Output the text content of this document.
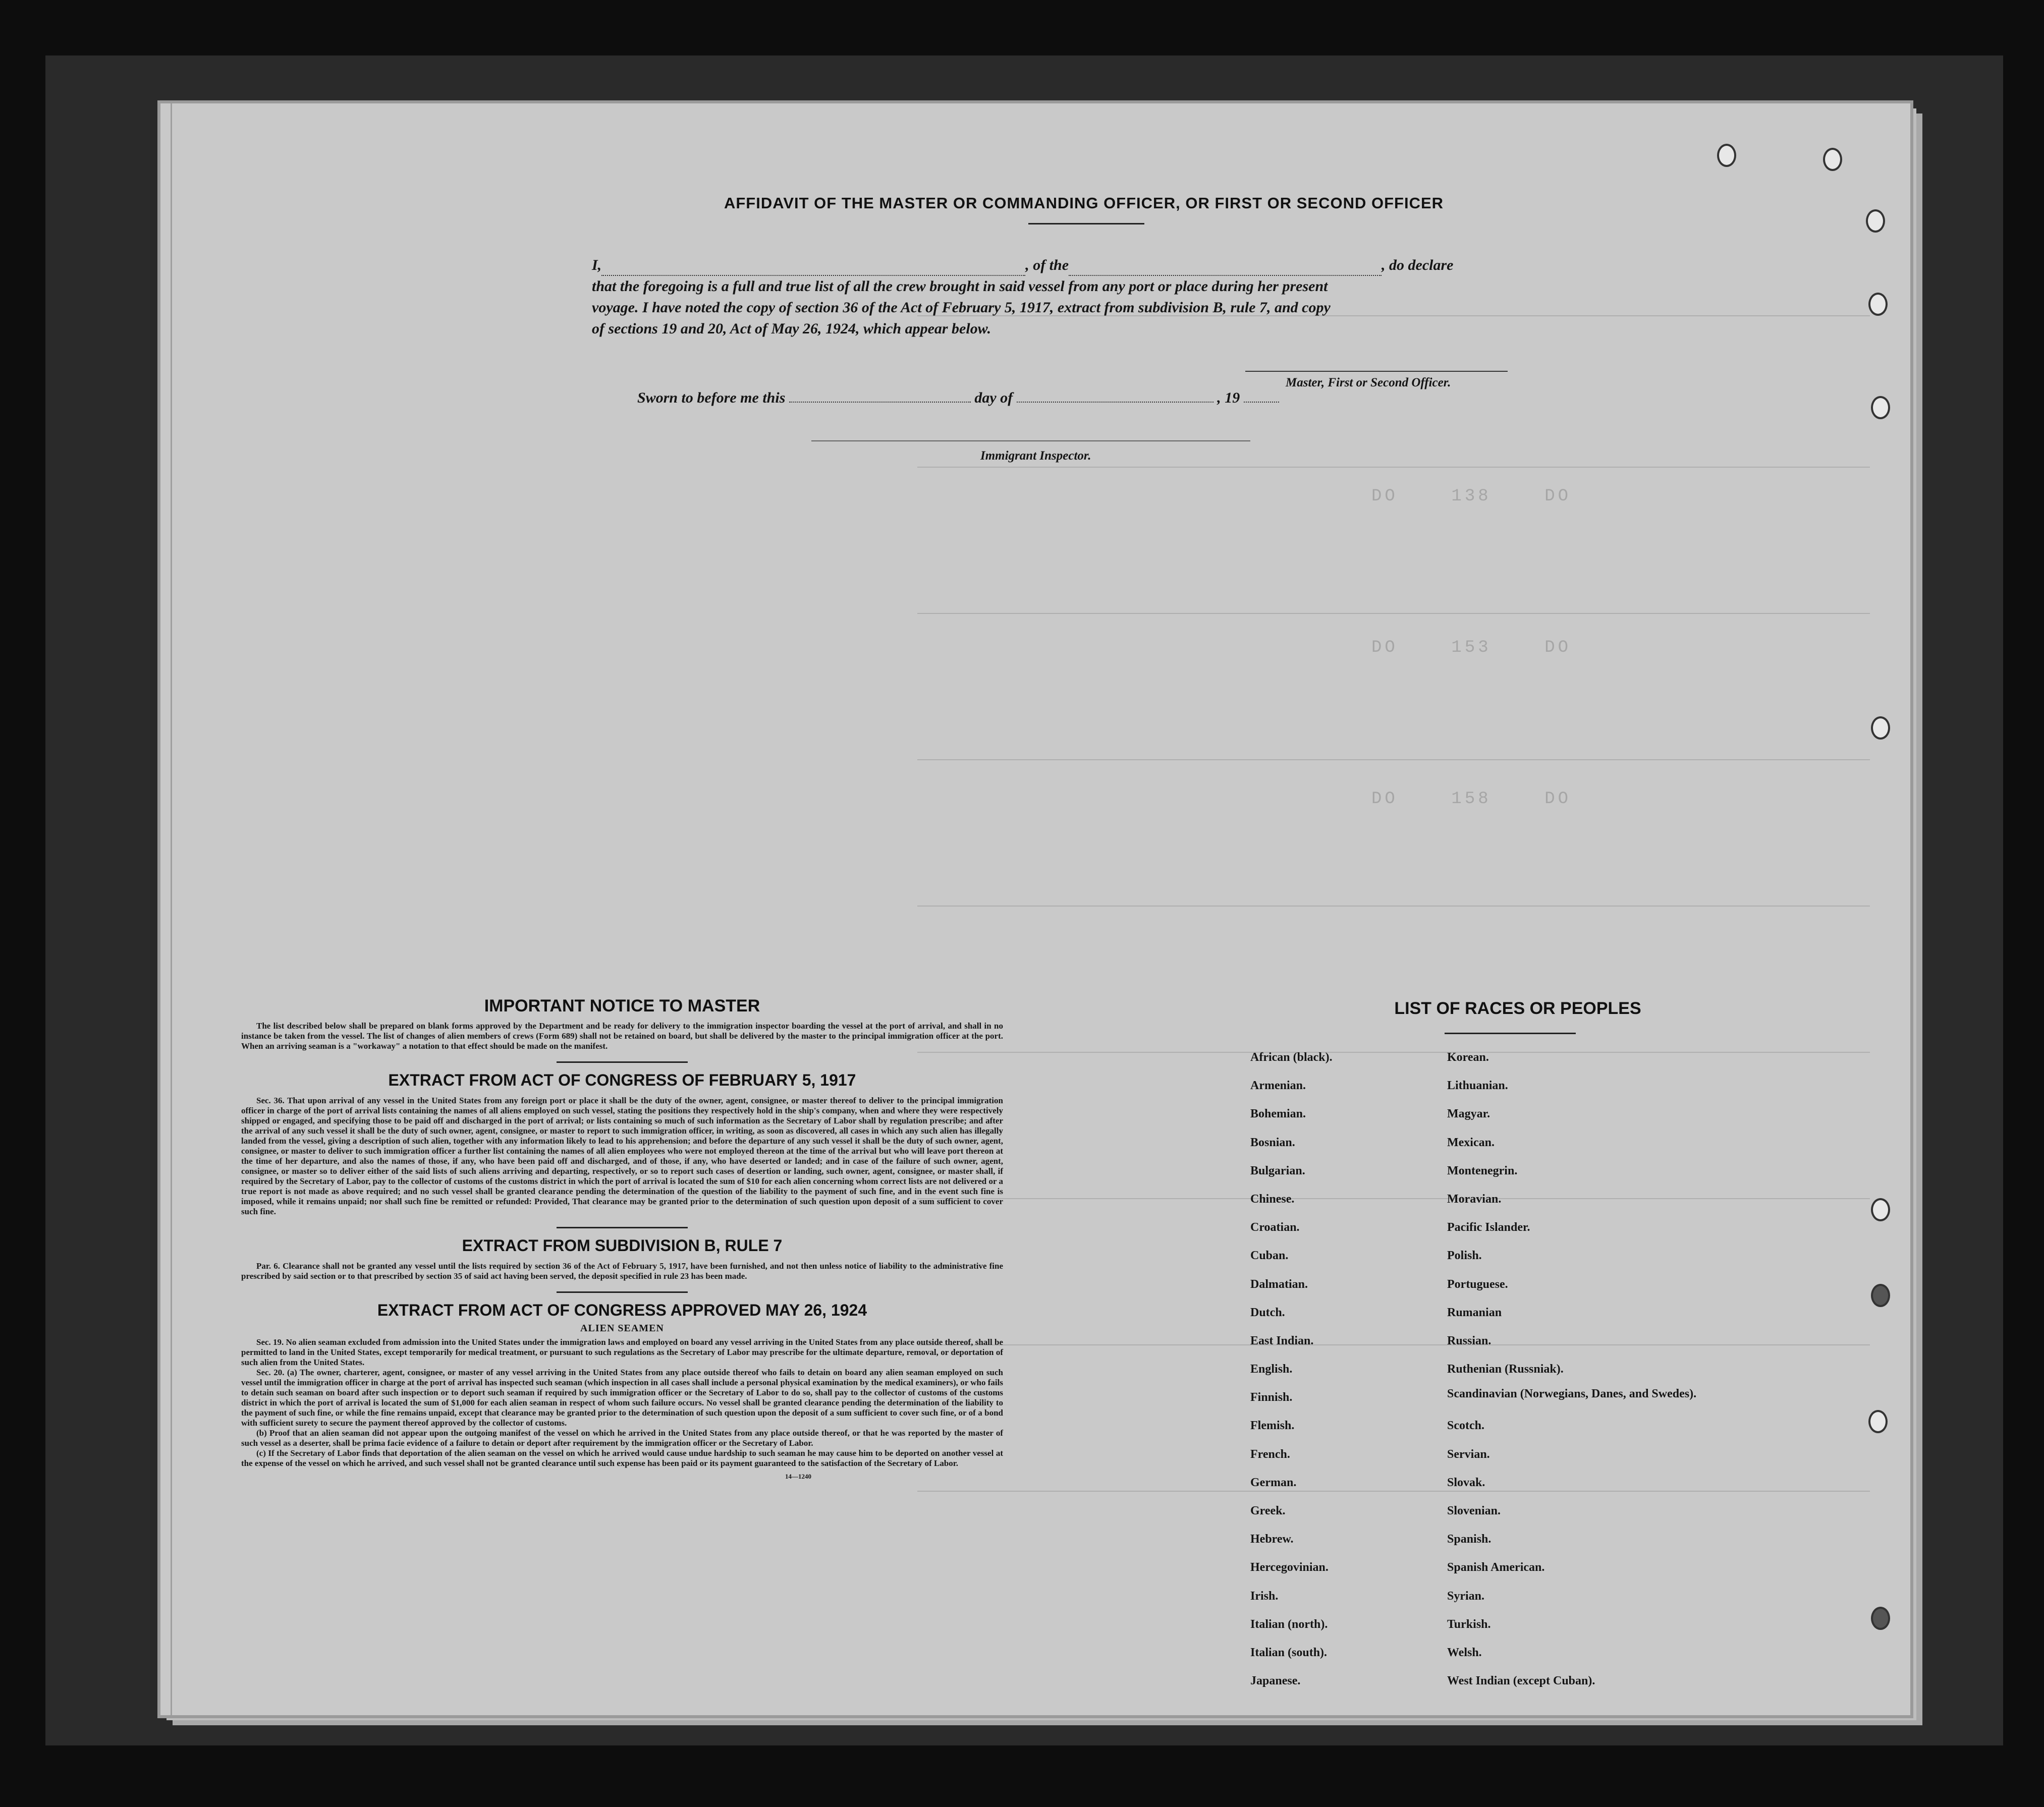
DO    138    DO
DO    153    DO
DO    158    DO
AFFIDAVIT OF THE MASTER OR COMMANDING OFFICER, OR FIRST OR SECOND OFFICER
I,	, of the	, do declare
that the foregoing is a full and true list of all the crew brought in said vessel from any port or place during her present
voyage. I have noted the copy of section 36 of the Act of February 5, 1917, extract from subdivision B, rule 7, and copy
of sections 19 and 20, Act of May 26, 1924, which appear below.
Master, First or Second Officer.
Sworn to before me this	day of	, 19
Immigrant Inspector.
IMPORTANT NOTICE TO MASTER

The list described below shall be prepared on blank forms approved by the Department and be ready for delivery to the immigration inspector boarding the vessel at the port of arrival, and shall in no instance be taken from the vessel. The list of changes of alien members of crews (Form 689) shall not be retained on board, but shall be delivered by the master to the principal immigration officer at the port. When an arriving seaman is a "workaway" a notation to that effect should be made on the manifest.

EXTRACT FROM ACT OF CONGRESS OF FEBRUARY 5, 1917

Sec. 36. That upon arrival of any vessel in the United States from any foreign port or place it shall be the duty of the owner, agent, consignee, or master thereof to deliver to the principal immigration officer in charge of the port of arrival lists containing the names of all aliens employed on such vessel, stating the positions they respectively hold in the ship's company, when and where they were respectively shipped or engaged, and specifying those to be paid off and discharged in the port of arrival; or lists containing so much of such information as the Secretary of Labor shall by regulation prescribe; and after the arrival of any such vessel it shall be the duty of such owner, agent, consignee, or master to report to such immigration officer, in writing, as soon as discovered, all cases in which any such alien has illegally landed from the vessel, giving a description of such alien, together with any information likely to lead to his apprehension; and before the departure of any such vessel it shall be the duty of such owner, agent, consignee, or master to deliver to such immigration officer a further list containing the names of all alien employees who were not employed thereon at the time of the arrival but who will leave port thereon at the time of her departure, and also the names of those, if any, who have been paid off and discharged, and of those, if any, who have deserted or landed; and in case of the failure of such owner, agent, consignee, or master so to deliver either of the said lists of such aliens arriving and departing, respectively, or so to report such cases of desertion or landing, such owner, agent, consignee, or master shall, if required by the Secretary of Labor, pay to the collector of customs of the customs district in which the port of arrival is located the sum of $10 for each alien concerning whom correct lists are not delivered or a true report is not made as above required; and no such vessel shall be granted clearance pending the determination of the question of the liability to the payment of such fine, and in the event such fine is imposed, while it remains unpaid; nor shall such fine be remitted or refunded: Provided, That clearance may be granted prior to the determination of such question upon deposit of a sum sufficient to cover such fine.

EXTRACT FROM SUBDIVISION B, RULE 7

Par. 6. Clearance shall not be granted any vessel until the lists required by section 36 of the Act of February 5, 1917, have been furnished, and not then unless notice of liability to the administrative fine prescribed by said section or to that prescribed by section 35 of said act having been served, the deposit specified in rule 23 has been made.

EXTRACT FROM ACT OF CONGRESS APPROVED MAY 26, 1924
ALIEN SEAMEN

Sec. 19. No alien seaman excluded from admission into the United States under the immigration laws and employed on board any vessel arriving in the United States from any place outside thereof, shall be permitted to land in the United States, except temporarily for medical treatment, or pursuant to such regulations as the Secretary of Labor may prescribe for the ultimate departure, removal, or deportation of such alien from the United States.

Sec. 20. (a) The owner, charterer, agent, consignee, or master of any vessel arriving in the United States from any place outside thereof who fails to detain on board any alien seaman employed on such vessel until the immigration officer in charge at the port of arrival has inspected such seaman (which inspection in all cases shall include a personal physical examination by the medical examiners), or who fails to detain such seaman on board after such inspection or to deport such seaman if required by such immigration officer or the Secretary of Labor to do so, shall pay to the collector of customs of the customs district in which the port of arrival is located the sum of $1,000 for each alien seaman in respect of whom such failure occurs. No vessel shall be granted clearance pending the determination of the liability to the payment of such fine, or while the fine remains unpaid, except that clearance may be granted prior to the determination of such question upon the deposit of a sum sufficient to cover such fine, or of a bond with sufficient surety to secure the payment thereof approved by the collector of customs.

(b) Proof that an alien seaman did not appear upon the outgoing manifest of the vessel on which he arrived in the United States from any place outside thereof, or that he was reported by the master of such vessel as a deserter, shall be prima facie evidence of a failure to detain or deport after requirement by the immigration officer or the Secretary of Labor.

(c) If the Secretary of Labor finds that deportation of the alien seaman on the vessel on which he arrived would cause undue hardship to such seaman he may cause him to be deported on another vessel at the expense of the vessel on which he arrived, and such vessel shall not be granted clearance until such expense has been paid or its payment guaranteed to the satisfaction of the Secretary of Labor.

14—1240
LIST OF RACES OR PEOPLES
African (black).	Korean.
Armenian.	Lithuanian.
Bohemian.	Magyar.
Bosnian.	Mexican.
Bulgarian.	Montenegrin.
Chinese.	Moravian.
Croatian.	Pacific Islander.
Cuban.	Polish.
Dalmatian.	Portuguese.
Dutch.	Rumanian
East Indian.	Russian.
English.	Ruthenian (Russniak).
Finnish.	Scandinavian (Norwegians, Danes, and Swedes).
Flemish.	Scotch.
French.	Servian.
German.	Slovak.
Greek.	Slovenian.
Hebrew.	Spanish.
Hercegovinian.	Spanish American.
Irish.	Syrian.
Italian (north).	Turkish.
Italian (south).	Welsh.
Japanese.	West Indian (except Cuban).
